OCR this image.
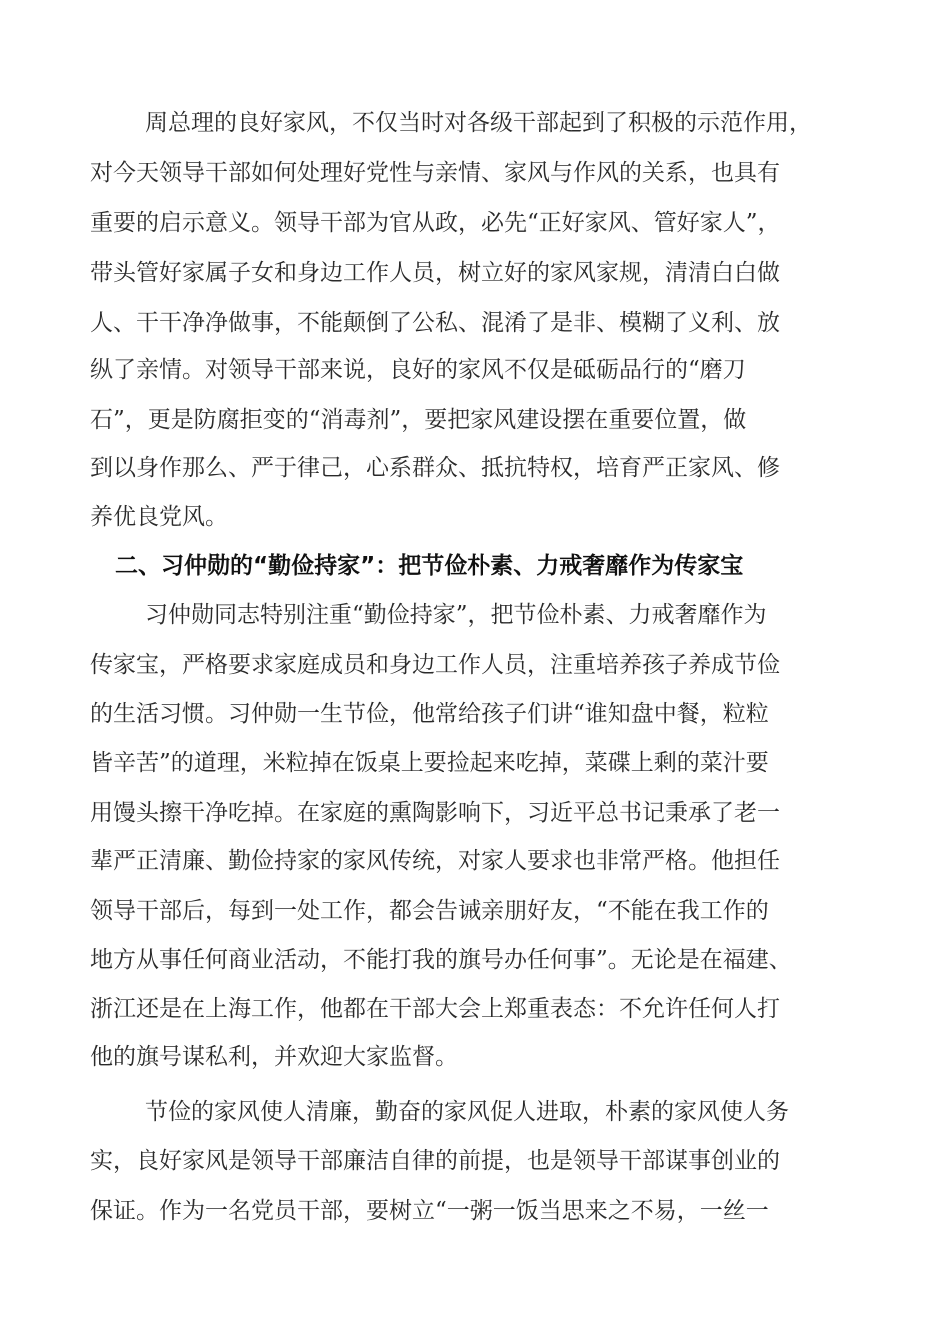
周总理的良好家风，不仅当时对各级干部起到了积极的示范作用，
对今天领导干部如何处理好党性与亲情、家风与作风的关系，也具有
重要的启示意义。领导干部为官从政，必先“正好家风、管好家人”，
带头管好家属子女和身边工作人员，树立好的家风家规，清清白白做
人、干干净净做事，不能颠倒了公私、混淆了是非、模糊了义利、放
纵了亲情。对领导干部来说，良好的家风不仅是砥砺品行的“磨刀
石”，更是防腐拒变的“消毒剂”，要把家风建设摆在重要位置，做
到以身作那么、严于律己，心系群众、抵抗特权，培育严正家风、修
养优良党风。
二、习仲勋的“勤俭持家”：把节俭朴素、力戒奢靡作为传家宝
习仲勋同志特别注重“勤俭持家”，把节俭朴素、力戒奢靡作为
传家宝，严格要求家庭成员和身边工作人员，注重培养孩子养成节俭
的生活习惯。习仲勋一生节俭，他常给孩子们讲“谁知盘中餐，粒粒
皆辛苦”的道理，米粒掉在饭桌上要捡起来吃掉，菜碟上剩的菜汁要
用馒头擦干净吃掉。在家庭的熏陶影响下，习近平总书记秉承了老一
辈严正清廉、勤俭持家的家风传统，对家人要求也非常严格。他担任
领导干部后，每到一处工作，都会告诫亲朋好友，“不能在我工作的
地方从事任何商业活动，不能打我的旗号办任何事”。无论是在福建、
浙江还是在上海工作，他都在干部大会上郑重表态：不允许任何人打
他的旗号谋私利，并欢迎大家监督。
节俭的家风使人清廉，勤奋的家风促人进取，朴素的家风使人务
实，良好家风是领导干部廉洁自律的前提，也是领导干部谋事创业的
保证。作为一名党员干部，要树立“一粥一饭当思来之不易，一丝一
